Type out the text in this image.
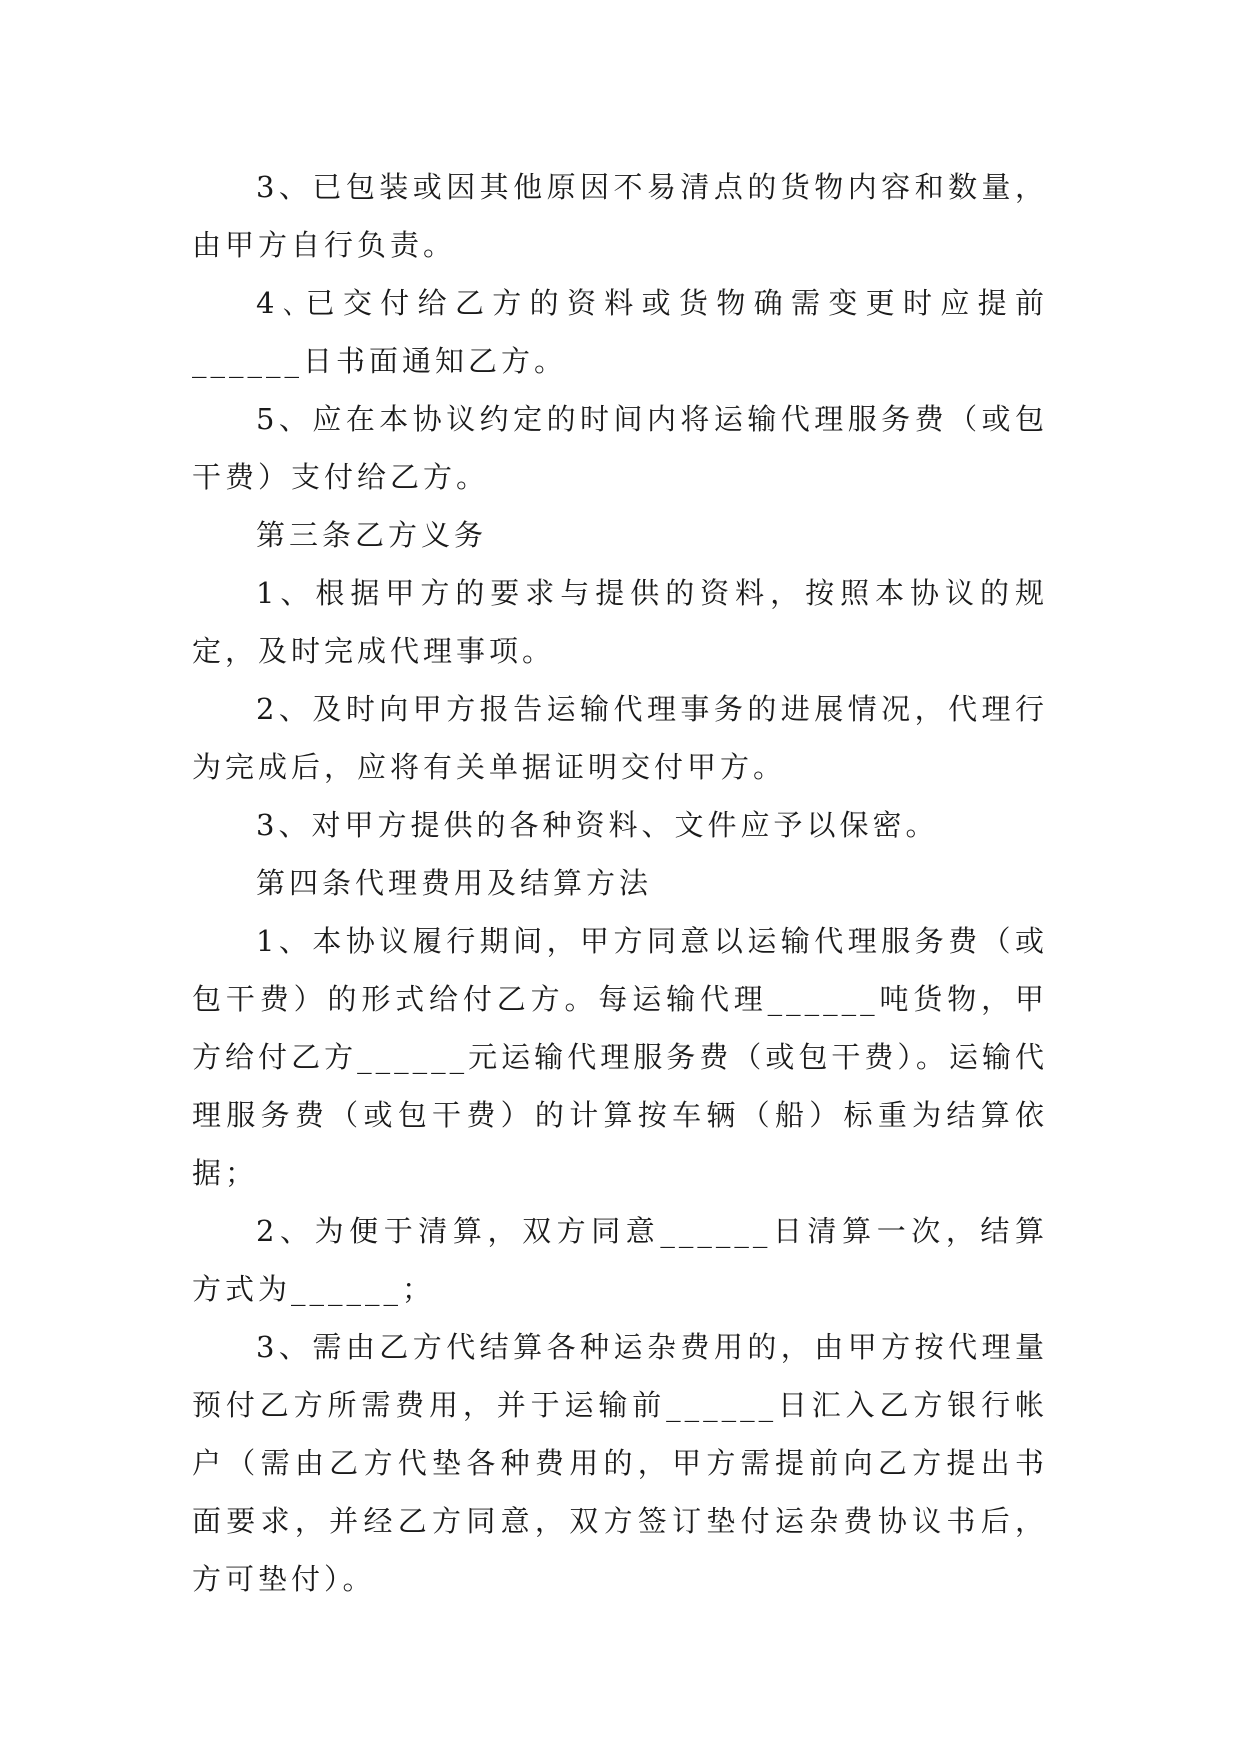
3、已包装或因其他原因不易清点的货物内容和数量，由甲方自行负责。

4､已交付给乙方的资料或货物确需变更时应提前______日书面通知乙方。

5、应在本协议约定的时间内将运输代理服务费（或包干费）支付给乙方。

第三条乙方义务

1、根据甲方的要求与提供的资料，按照本协议的规定，及时完成代理事项。

2、及时向甲方报告运输代理事务的进展情况，代理行为完成后，应将有关单据证明交付甲方。

3、对甲方提供的各种资料、文件应予以保密。

第四条代理费用及结算方法

1、本协议履行期间，甲方同意以运输代理服务费（或包干费）的形式给付乙方。每运输代理______吨货物，甲方给付乙方______元运输代理服务费（或包干费）。运输代理服务费（或包干费）的计算按车辆（船）标重为结算依据；

2、为便于清算，双方同意______日清算一次，结算方式为______；

3、需由乙方代结算各种运杂费用的，由甲方按代理量预付乙方所需费用，并于运输前______日汇入乙方银行帐户（需由乙方代垫各种费用的，甲方需提前向乙方提出书面要求，并经乙方同意，双方签订垫付运杂费协议书后，方可垫付）。
